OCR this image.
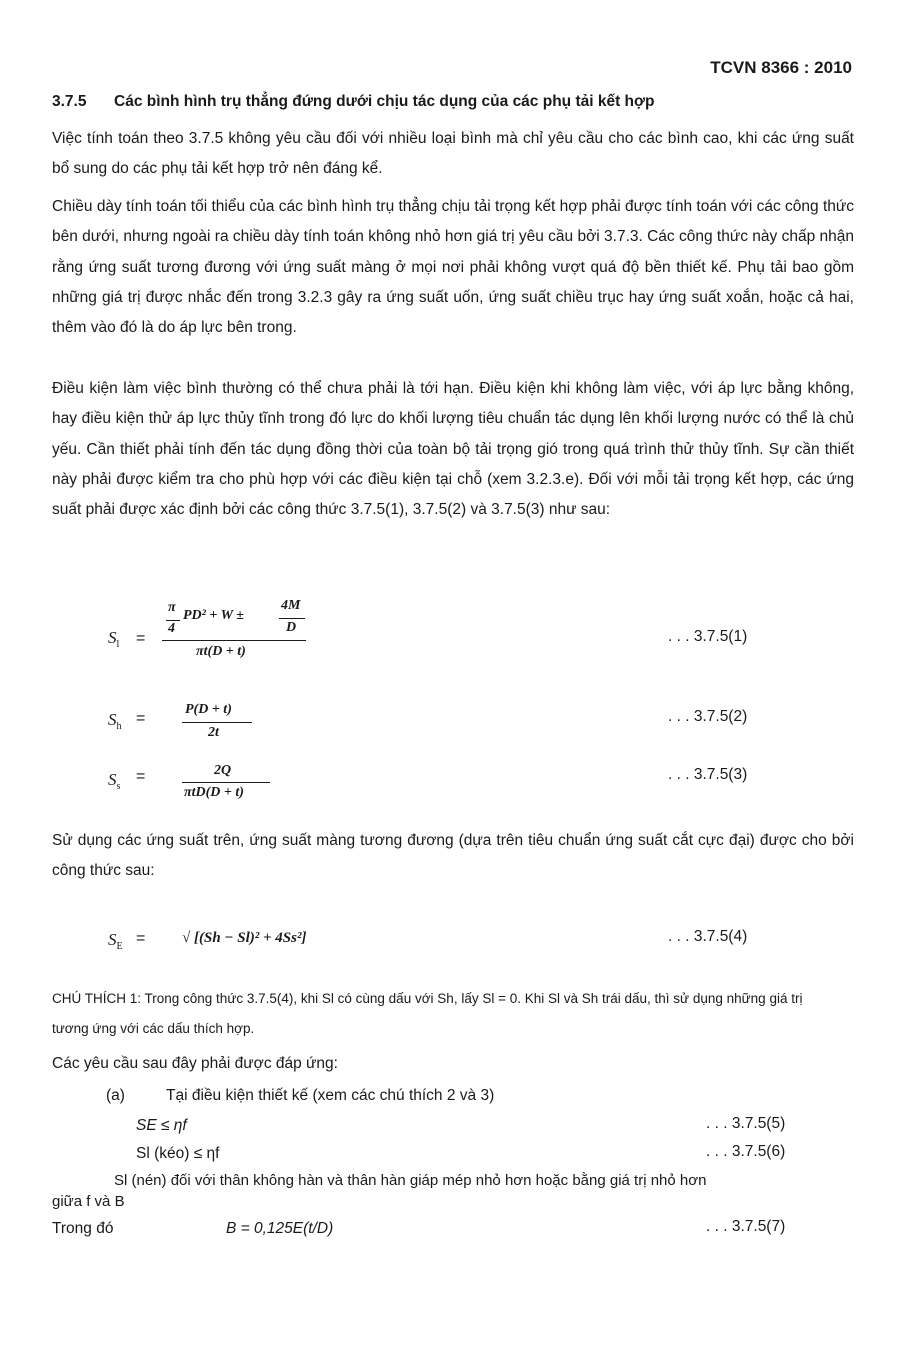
TCVN 8366 : 2010
3.7.5 Các bình hình trụ thẳng đứng dưới chịu tác dụng của các phụ tải kết hợp
Việc tính toán theo 3.7.5 không yêu cầu đối với nhiều loại bình mà chỉ yêu cầu cho các bình cao, khi các ứng suất bổ sung do các phụ tải kết hợp trở nên đáng kể.
Chiều dày tính toán tối thiểu của các bình hình trụ thẳng chịu tải trọng kết hợp phải được tính toán với các công thức bên dưới, nhưng ngoài ra chiều dày tính toán không nhỏ hơn giá trị yêu cầu bởi 3.7.3. Các công thức này chấp nhận rằng ứng suất tương đương với ứng suất màng ở mọi nơi phải không vượt quá độ bền thiết kế. Phụ tải bao gồm những giá trị được nhắc đến trong 3.2.3 gây ra ứng suất uốn, ứng suất chiều trục hay ứng suất xoắn, hoặc cả hai, thêm vào đó là do áp lực bên trong.
Điều kiện làm việc bình thường có thể chưa phải là tới hạn. Điều kiện khi không làm việc, với áp lực bằng không, hay điều kiện thử áp lực thủy tĩnh trong đó lực do khối lượng tiêu chuẩn tác dụng lên khối lượng nước có thể là chủ yếu. Cần thiết phải tính đến tác dụng đồng thời của toàn bộ tải trọng gió trong quá trình thử thủy tĩnh. Sự cần thiết này phải được kiểm tra cho phù hợp với các điều kiện tại chỗ (xem 3.2.3.e). Đối với mỗi tải trọng kết hợp, các ứng suất phải được xác định bởi các công thức 3.7.5(1), 3.7.5(2) và 3.7.5(3) như sau:
$S_l$ =
π
4
PD² + W ±
4M
D
πt(D + t)
. . . 3.7.5(1)
$S_h$ =
P(D + t)
2t
. . . 3.7.5(2)
$S_s$
=	2Q
πtD(D + t)
. . . 3.7.5(3)
Sử dụng các ứng suất trên, ứng suất màng tương đương (dựa trên tiêu chuẩn ứng suất cắt cực đại) được cho bởi công thức sau:
$S_E$ = √ [(Sh − Sl)² + 4Ss²]	. . . 3.7.5(4)
CHÚ THÍCH 1: Trong công thức 3.7.5(4), khi Sl có cùng dấu với Sh, lấy Sl = 0. Khi Sl và Sh trái dấu, thì sử dụng những giá trị tương ứng với các dấu thích hợp.
Các yêu cầu sau đây phải được đáp ứng:
(a)	Tại điều kiện thiết kế (xem các chú thích 2 và 3)
SE ≤ ηf	. . . 3.7.5(5)
Sl (kéo) ≤ ηf	. . . 3.7.5(6)
Sl (nén) đối với thân không hàn và thân hàn giáp mép nhỏ hơn hoặc bằng giá trị nhỏ hơn
giữa f và B
Trong đó	B = 0,125E(t/D)	. . . 3.7.5(7)
